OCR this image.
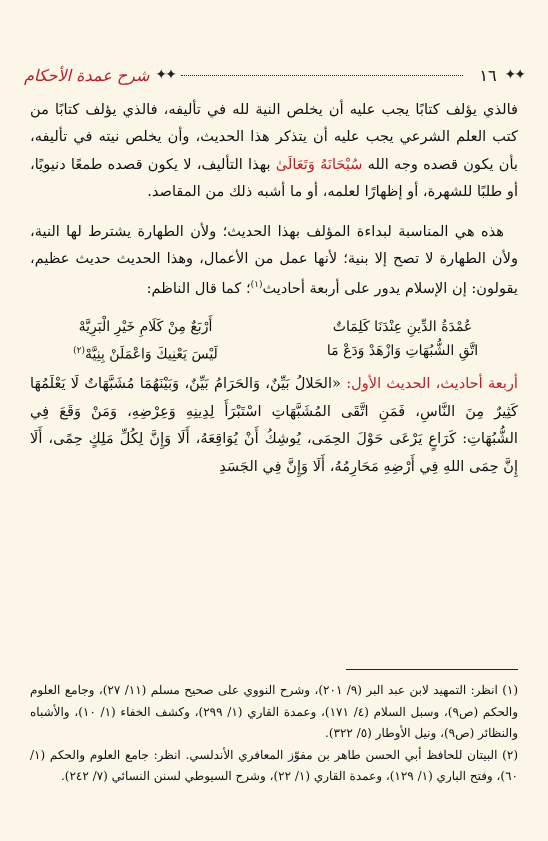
✦✦
١٦
✦✦
شرح عمدة الأحكام

فالذي يؤلف كتابًا يجب عليه أن يخلص النية لله في تأليفه، فالذي يؤلف كتابًا من كتب العلم الشرعي يجب عليه أن يتذكر هذا الحديث، وأن يخلص نيته في تأليفه، بأن يكون قصده وجه الله سُبْحَانَهُ وَتَعَالَىٰ بهذا التأليف، لا يكون قصده طمعًا دنيويًا، أو طلبًا للشهرة، أو إظهارًا لعلمه، أو ما أشبه ذلك من المقاصد.

هذه هي المناسبة لبداءة المؤلف بهذا الحديث؛ ولأن الطهارة يشترط لها النية، ولأن الطهارة لا تصح إلا بنية؛ لأنها عمل من الأعمال، وهذا الحديث حديث عظيم، يقولون: إن الإسلام يدور على أربعة أحاديث$^{(١)}$؛ كما قال الناظم:

عُمْدَةُ الدِّينِ عِنْدَنَا كَلِمَاتٌ
أَرْبَعٌ مِنْ كَلَامِ خَيْرِ الْبَرِيَّهْ
اتَّقِ الشُّبُهَاتِ وَازْهَدْ وَدَعْ مَا
لَيْسَ يَعْنِيكَ وَاعْمَلَنْ بِنِيَّهْ$^{(٢)}$

أربعة أحاديث، الحديث الأول: «الحَلالُ بَيِّنٌ، وَالحَرَامُ بَيِّنٌ، وَبَيْنَهُمَا مُشَبَّهَاتٌ لَا يَعْلَمُهَا كَثِيرٌ مِنَ النَّاسِ، فَمَنِ اتَّقَى المُشَبَّهَاتِ اسْتَبْرَأَ لِدِينِهِ وَعِرْضِهِ، وَمَنْ وَقَعَ فِي الشُّبُهَاتِ: كَرَاعٍ يَرْعَى حَوْلَ الحِمَى، يُوشِكُ أَنْ يُوَاقِعَهُ، أَلَا وَإِنَّ لِكُلِّ مَلِكٍ حِمًى، أَلَا إِنَّ حِمَى اللهِ فِي أَرْضِهِ مَحَارِمُهُ، أَلَا وَإِنَّ فِي الجَسَدِ

(١) انظر: التمهيد لابن عبد البر (٩/ ٢٠١)، وشرح النووي على صحيح مسلم (١١/ ٢٧)، وجامع العلوم والحكم (ص٩)، وسبل السلام (٤/ ١٧١)، وعمدة القاري (١/ ٢٩٩)، وكشف الخفاء (١/ ١٠)، والأشباه والنظائر (ص٩)، ونيل الأوطار (٥/ ٣٢٢).

(٢) البيتان للحافظ أبي الحسن طاهر بن مفوّز المعافري الأندلسي. انظر: جامع العلوم والحكم (١/ ٦٠)، وفتح الباري (١/ ١٢٩)، وعمدة القاري (١/ ٢٢)، وشرح السيوطي لسنن النسائي (٧/ ٢٤٢).
